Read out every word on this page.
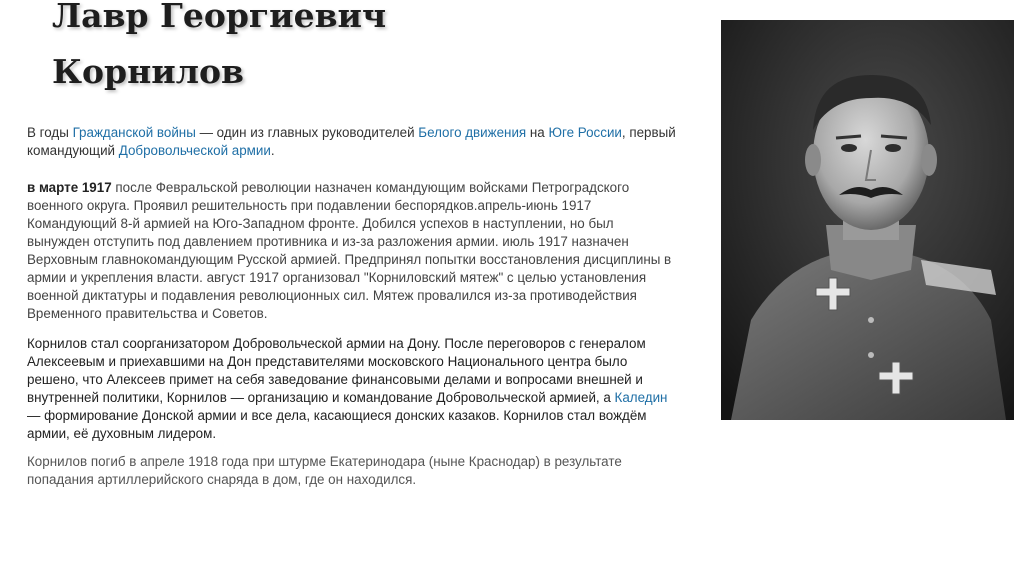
Лавр Георгиевич
Корнилов

В годы Гражданской войны — один из главных руководителей Белого движения на Юге России, первый командующий Добровольческой армии.

в марте 1917 после Февральской революции назначен командующим войсками Петроградского военного округа. Проявил решительность при подавлении беспорядков.апрель-июнь 1917 Командующий 8-й армией на Юго-Западном фронте. Добился успехов в наступлении, но был вынужден отступить под давлением противника и из-за разложения армии. июль 1917 назначен Верховным главнокомандующим Русской армией. Предпринял попытки восстановления дисциплины в армии и укрепления власти. август 1917 организовал "Корниловский мятеж" с целью установления военной диктатуры и подавления революционных сил. Мятеж провалился из-за противодействия Временного правительства и Советов.

Корнилов стал соорганизатором Добровольческой армии на Дону. После переговоров с генералом Алексеевым и приехавшими на Дон представителями московского Национального центра было решено, что Алексеев примет на себя заведование финансовыми делами и вопросами внешней и внутренней политики, Корнилов — организацию и командование Добровольческой армией, а Каледин — формирование Донской армии и все дела, касающиеся донских казаков. Корнилов стал вождём армии, её духовным лидером.

Корнилов погиб в апреле 1918 года при штурме Екатеринодара (ныне Краснодар) в результате попадания артиллерийского снаряда в дом, где он находился.
